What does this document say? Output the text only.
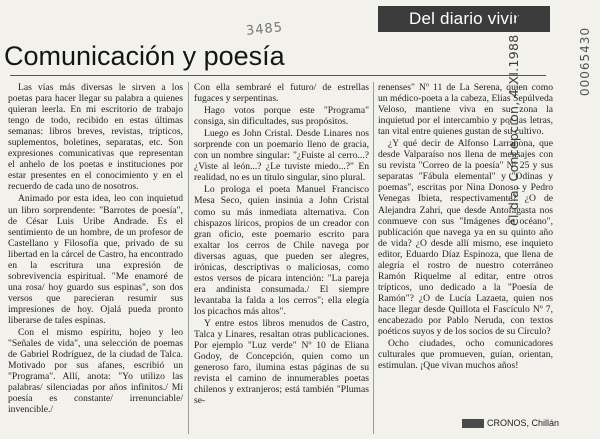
3485
Del diario vivir
Comunicación y poesía

Las vías más diversas le sirven a los poetas para hacer llegar su palabra a quienes quieran leerla. En mi escritorio de trabajo tengo de todo, recibido en estas últimas semanas: libros breves, revistas, trípticos, suplementos, boletines, separatas, etc. Son expresiones comunicativas que representan el anhelo de los poetas e instituciones por estar presentes en el conocimiento y en el recuerdo de cada uno de nosotros.

Animado por esta idea, leo con inquietud un libro sorprendente: "Barrotes de poesía", de César Luis Uribe Andrade. Es el sentimiento de un hombre, de un profesor de Castellano y Filosofía que, privado de su libertad en la cárcel de Castro, ha encontrado en la escritura una expresión de sobrevivencia espiritual. "Me enamoré de una rosa/ hoy guardo sus espinas", son dos versos que parecieran resumir sus impresiones de hoy. Ojalá pueda pronto liberarse de tales espinas.

Con el mismo espíritu, hojeo y leo "Señales de vida", una selección de poemas de Gabriel Rodríguez, de la ciudad de Talca. Motivado por sus afanes, escribió un "Programa". Allí, anota: "Yo utilizo las palabras/ silenciadas por años infinitos./ Mi poesía es constante/ irrenunciable/ invencible./

Con ella sembraré el futuro/ de estrellas fugaces y serpentinas.

Hago votos porque este "Programa" consiga, sin dificultades, sus propósitos.

Luego es John Cristal. Desde Linares nos sorprende con un poemario lleno de gracia, con un nombre singular: "¿Fuiste al cerro...? ¿Viste al león...? ¿Le tuviste miedo...?" En realidad, no es un título singular, sino plural.

Lo prologa el poeta Manuel Francisco Mesa Seco, quien insinúa a John Cristal como su más inmediata alternativa. Con chispazos líricos, propios de un creador con gran oficio, este poemario escrito para exaltar los cerros de Chile navega por diversas aguas, que pueden ser alegres, irónicas, descriptivas o maliciosas, como estos versos de pícara intención: "La pareja era andinista consumada./ El siempre levantaba la falda a los cerros"; ella elegía los picachos más altos".

Y entre estos libros menudos de Castro, Talca y Linares, resaltan otras publicaciones. Por ejemplo "Luz verde" Nº 10 de Eliana Godoy, de Concepción, quien como un generoso faro, ilumina estas páginas de su revista el camino de innumerables poetas chilenos y extranjeros; está también "Plumas se-

renenses" Nº 11 de La Serena, quien como un médico-poeta a la cabeza, Elías Sepúlveda Veloso, mantiene viva en su zona la inquietud por el intercambio y por las letras, tan vital entre quienes gustan de su cultivo.

¿Y qué decir de Alfonso Larrahona, que desde Valparaíso nos llena de mensajes con su revista "Correo de la poesía" Nº 25 y sus separatas "Fábula elemental" y "Odinas y poemas", escritas por Nina Donoso y Pedro Venegas Ibieta, respectivamente? ¿O de Alejandra Zahri, que desde Antofagasta nos conmueve con sus "Imágenes de océano", publicación que navega ya en su quinto año de vida? ¿O desde allí mismo, ese inquieto editor, Eduardo Díaz Espinoza, que llena de alegría el rostro de nuestro coterráneo Ramón Riquelme al editar, entre otros trípticos, uno dedicado a la "Poesía de Ramón"? ¿O de Lucía Lazaeta, quien nos hace llegar desde Quillota el Fascículo Nº 7, encabezado por Pablo Neruda, con textos poéticos suyos y de los socios de su Círculo?

Ocho ciudades, ocho comunicadores culturales que promueven, guían, orientan, estimulan. ¡Que vivan muchos años!

CRONOS, Chillán
el dia, Concepcion, 4.XI.1988 p.2	00065430
